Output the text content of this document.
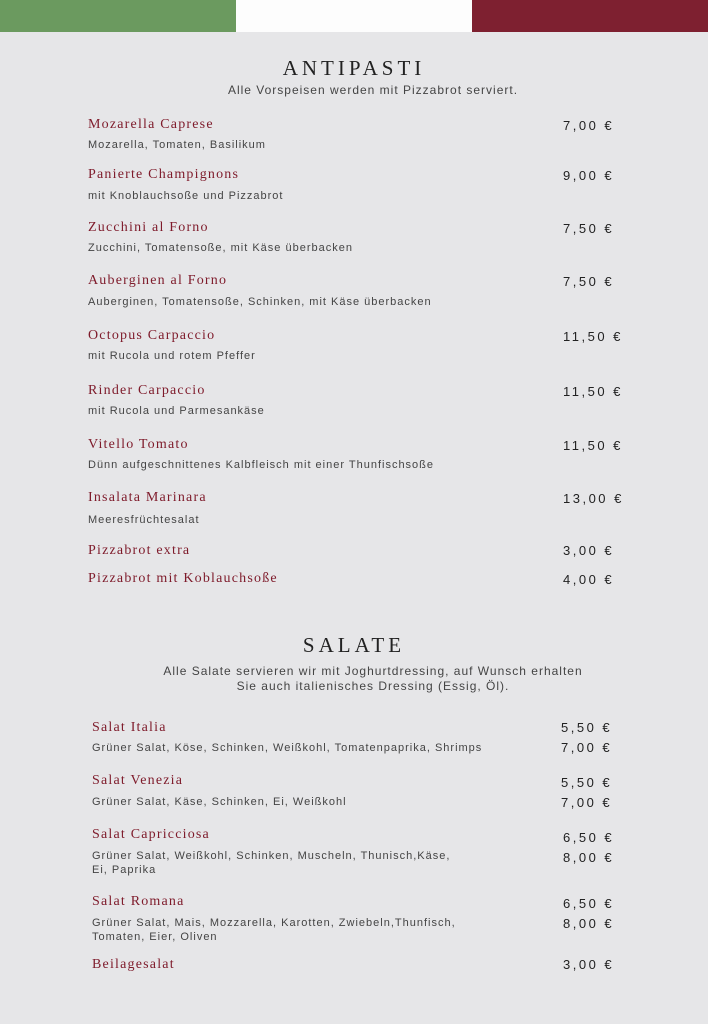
ANTIPASTI
Alle Vorspeisen werden mit Pizzabrot serviert.
Mozarella Caprese
Mozarella, Tomaten, Basilikum
7,00 €
Panierte Champignons
mit Knoblauchsoße und Pizzabrot
9,00 €
Zucchini al Forno
Zucchini, Tomatensoße, mit Käse überbacken
7,50 €
Auberginen al Forno
Auberginen, Tomatensoße, Schinken, mit Käse überbacken
7,50 €
Octopus Carpaccio
mit Rucola und rotem Pfeffer
11,50 €
Rinder Carpaccio
mit Rucola und Parmesankäse
11,50 €
Vitello Tomato
Dünn aufgeschnittenes Kalbfleisch mit einer Thunfischsoße
11,50 €
Insalata Marinara
Meeresfrüchtesalat
13,00 €
Pizzabrot extra	3,00 €
Pizzabrot mit Koblauchsoße	4,00 €
SALATE
Alle Salate servieren wir mit Joghurtdressing, auf Wunsch erhalten
Sie auch italienisches Dressing (Essig, Öl).
Salat Italia
Grüner Salat, Köse, Schinken, Weißkohl, Tomatenpaprika, Shrimps
5,50 €
7,00 €
Salat Venezia
Grüner Salat, Käse, Schinken, Ei, Weißkohl
5,50 €
7,00 €
Salat Capricciosa
Grüner Salat, Weißkohl, Schinken, Muscheln, Thunisch,Käse,
Ei, Paprika
6,50 €
8,00 €
Salat Romana
Grüner Salat, Mais, Mozzarella, Karotten, Zwiebeln,Thunfisch,
Tomaten, Eier, Oliven
6,50 €
8,00 €
Beilagesalat	3,00 €
